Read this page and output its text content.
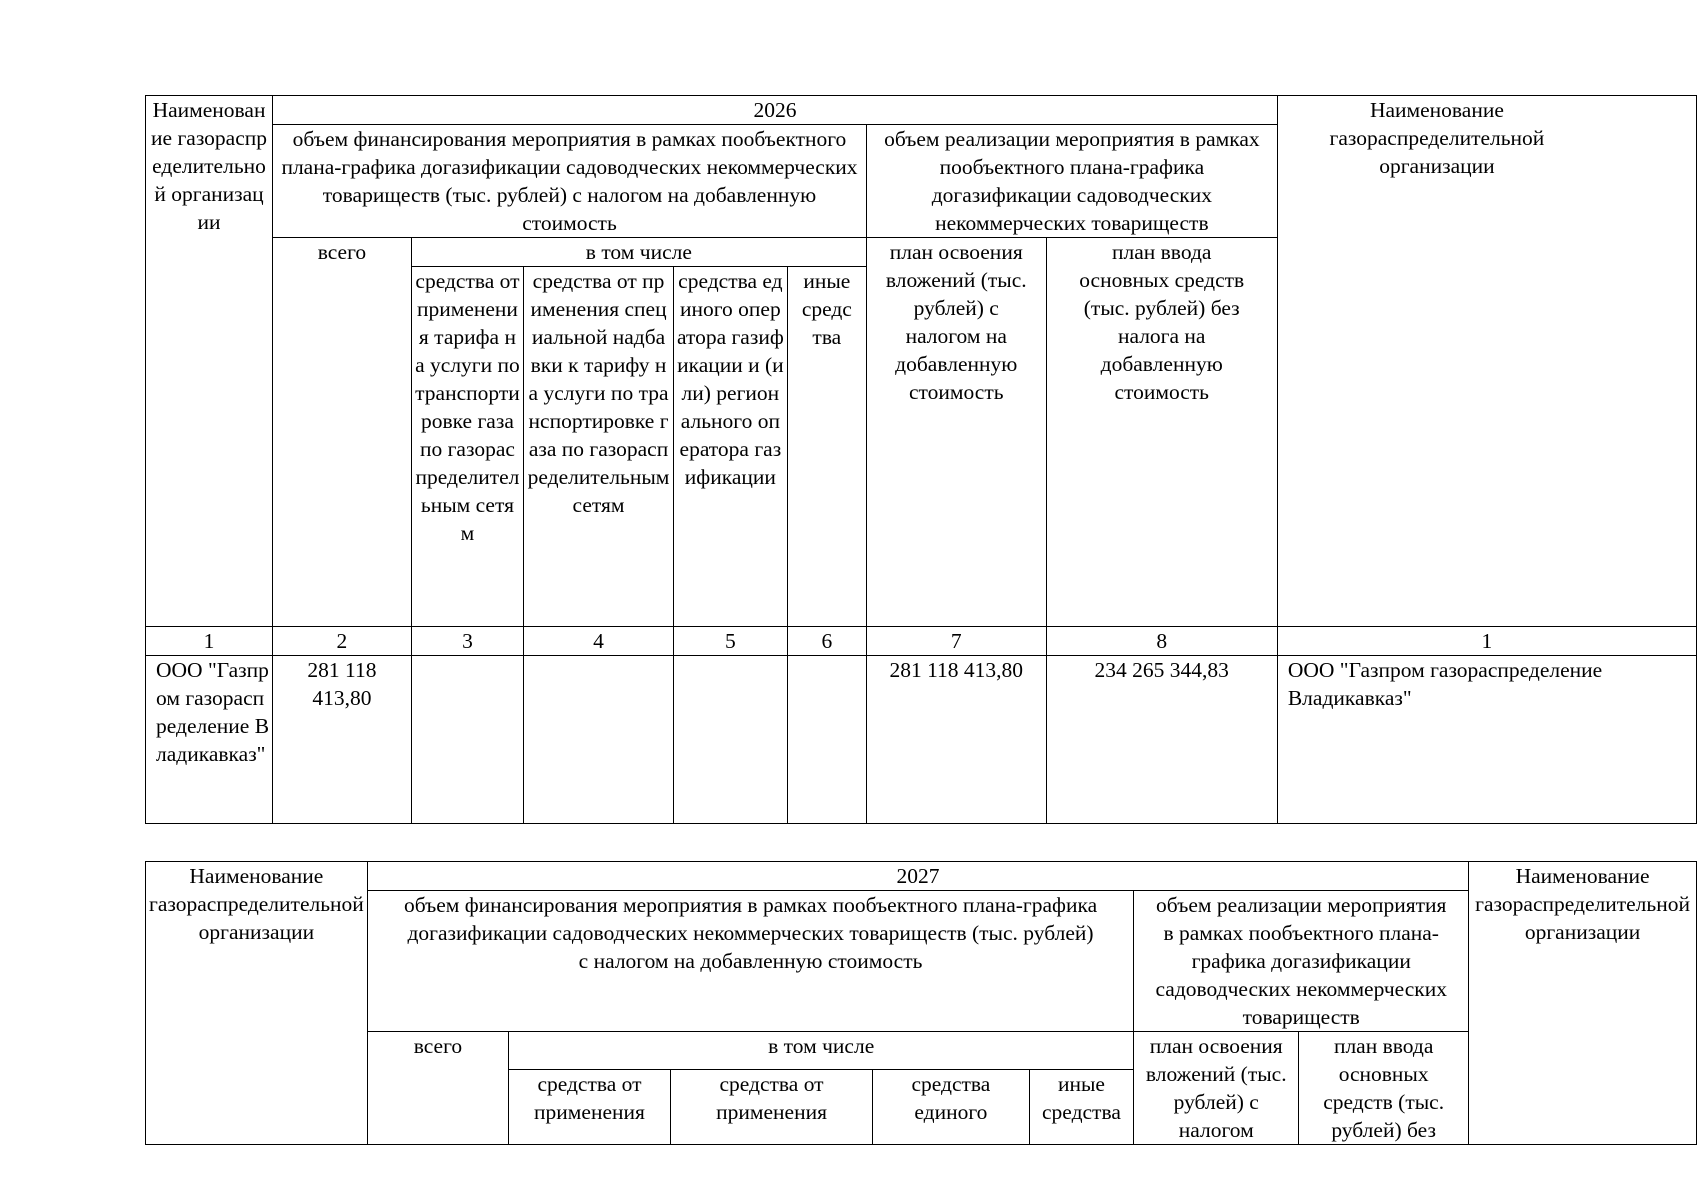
Наименование газораспределительной организации	2026							Наименование газораспределительной организации
	объем финансирования мероприятия в рамках пообъектного плана-графика догазификации садоводческих некоммерческих товариществ (тыс. рублей) с налогом на добавленную стоимость					объем реализации мероприятия в рамках пообъектного плана-графика догазификации садоводческих некоммерческих товариществ		
	всего	в том числе				план освоения вложений (тыс. рублей) с налогом на добавленную стоимость	план ввода основных средств (тыс. рублей) без налога на добавленную стоимость	
		средства от применения тарифа на услуги по транспортировке газа по газораспределительным сетям	средства от применения специальной надбавки к тарифу на услуги по транспортировке газа по газораспределительным сетям	средства единого оператора газификации и (или) регионального оператора газификации	иные средства			
1	2	3	4	5	6	7	8	1
ООО "Газпром газораспределение Владикавказ"	281 118 413,80					281 118 413,80	234 265 344,83	ООО "Газпром газораспределение Владикавказ"
Наименование газораспределительной организации	2027							Наименование газораспределительной организации
	объем финансирования мероприятия в рамках пообъектного плана-графика догазификации садоводческих некоммерческих товариществ (тыс. рублей) с налогом на добавленную стоимость					объем реализации мероприятия в рамках пообъектного плана-графика догазификации садоводческих некоммерческих товариществ		
	всего	в том числе				план освоения вложений (тыс. рублей) с налогом	план ввода основных средств (тыс. рублей) без	
		средства от применения	средства от применения	средства единого	иные средства			
